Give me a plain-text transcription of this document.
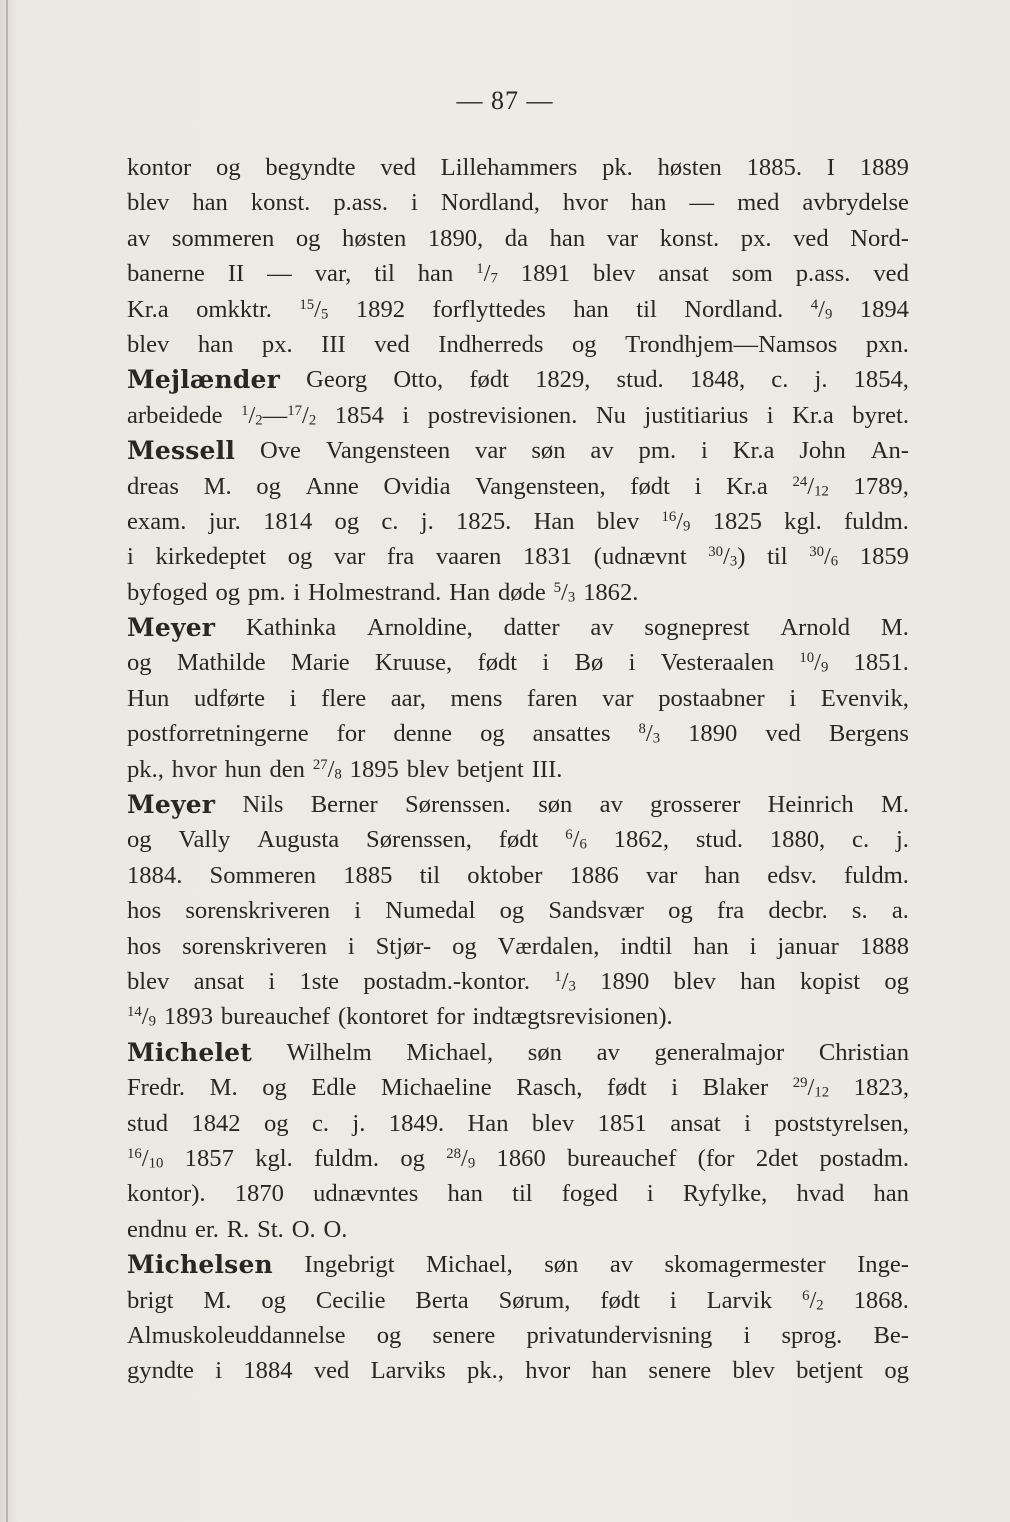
— 87 —
kontor og begyndte ved Lillehammers pk. høsten 1885. I 1889
blev han konst. p.ass. i Nordland, hvor han — med avbrydelse
av sommeren og høsten 1890, da han var konst. px. ved Nord-
banerne II — var, til han $^1/_7$ 1891 blev ansat som p.ass. ved
Kr.a omkktr. $^{15}/_5$ 1892 forflyttedes han til Nordland. $^4/_9$ 1894
blev han px. III ved Indherreds og Trondhjem—Namsos pxn.
Mejlænder Georg Otto, født 1829, stud. 1848, c. j. 1854,
arbeidede $^1/_2—^{17}/_2$ 1854 i postrevisionen. Nu justitiarius i Kr.a byret.
Messell Ove Vangensteen var søn av pm. i Kr.a John An-
dreas M. og Anne Ovidia Vangensteen, født i Kr.a $^{24}/_{12}$ 1789,
exam. jur. 1814 og c. j. 1825. Han blev $^{16}/_9$ 1825 kgl. fuldm.
i kirkedeptet og var fra vaaren 1831 (udnævnt $^{30}/_3$) til $^{30}/_6$ 1859
byfoged og pm. i Holmestrand. Han døde $^5/_3$ 1862.
Meyer Kathinka Arnoldine, datter av sogneprest Arnold M.
og Mathilde Marie Kruuse, født i Bø i Vesteraalen $^{10}/_9$ 1851.
Hun udførte i flere aar, mens faren var postaabner i Evenvik,
postforretningerne for denne og ansattes $^8/_3$ 1890 ved Bergens
pk., hvor hun den $^{27}/_8$ 1895 blev betjent III.
Meyer Nils Berner Sørenssen. søn av grosserer Heinrich M.
og Vally Augusta Sørenssen, født $^6/_6$ 1862, stud. 1880, c. j.
1884. Sommeren 1885 til oktober 1886 var han edsv. fuldm.
hos sorenskriveren i Numedal og Sandsvær og fra decbr. s. a.
hos sorenskriveren i Stjør- og Værdalen, indtil han i januar 1888
blev ansat i 1ste postadm.-kontor. $^1/_3$ 1890 blev han kopist og
$^{14}/_9$ 1893 bureauchef (kontoret for indtægtsrevisionen).
Michelet Wilhelm Michael, søn av generalmajor Christian
Fredr. M. og Edle Michaeline Rasch, født i Blaker $^{29}/_{12}$ 1823,
stud 1842 og c. j. 1849. Han blev 1851 ansat i poststyrelsen,
$^{16}/_{10}$ 1857 kgl. fuldm. og $^{28}/_9$ 1860 bureauchef (for 2det postadm.
kontor). 1870 udnævntes han til foged i Ryfylke, hvad han
endnu er. R. St. O. O.
Michelsen Ingebrigt Michael, søn av skomagermester Inge-
brigt M. og Cecilie Berta Sørum, født i Larvik $^6/_2$ 1868.
Almuskoleuddannelse og senere privatundervisning i sprog. Be-
gyndte i 1884 ved Larviks pk., hvor han senere blev betjent og
